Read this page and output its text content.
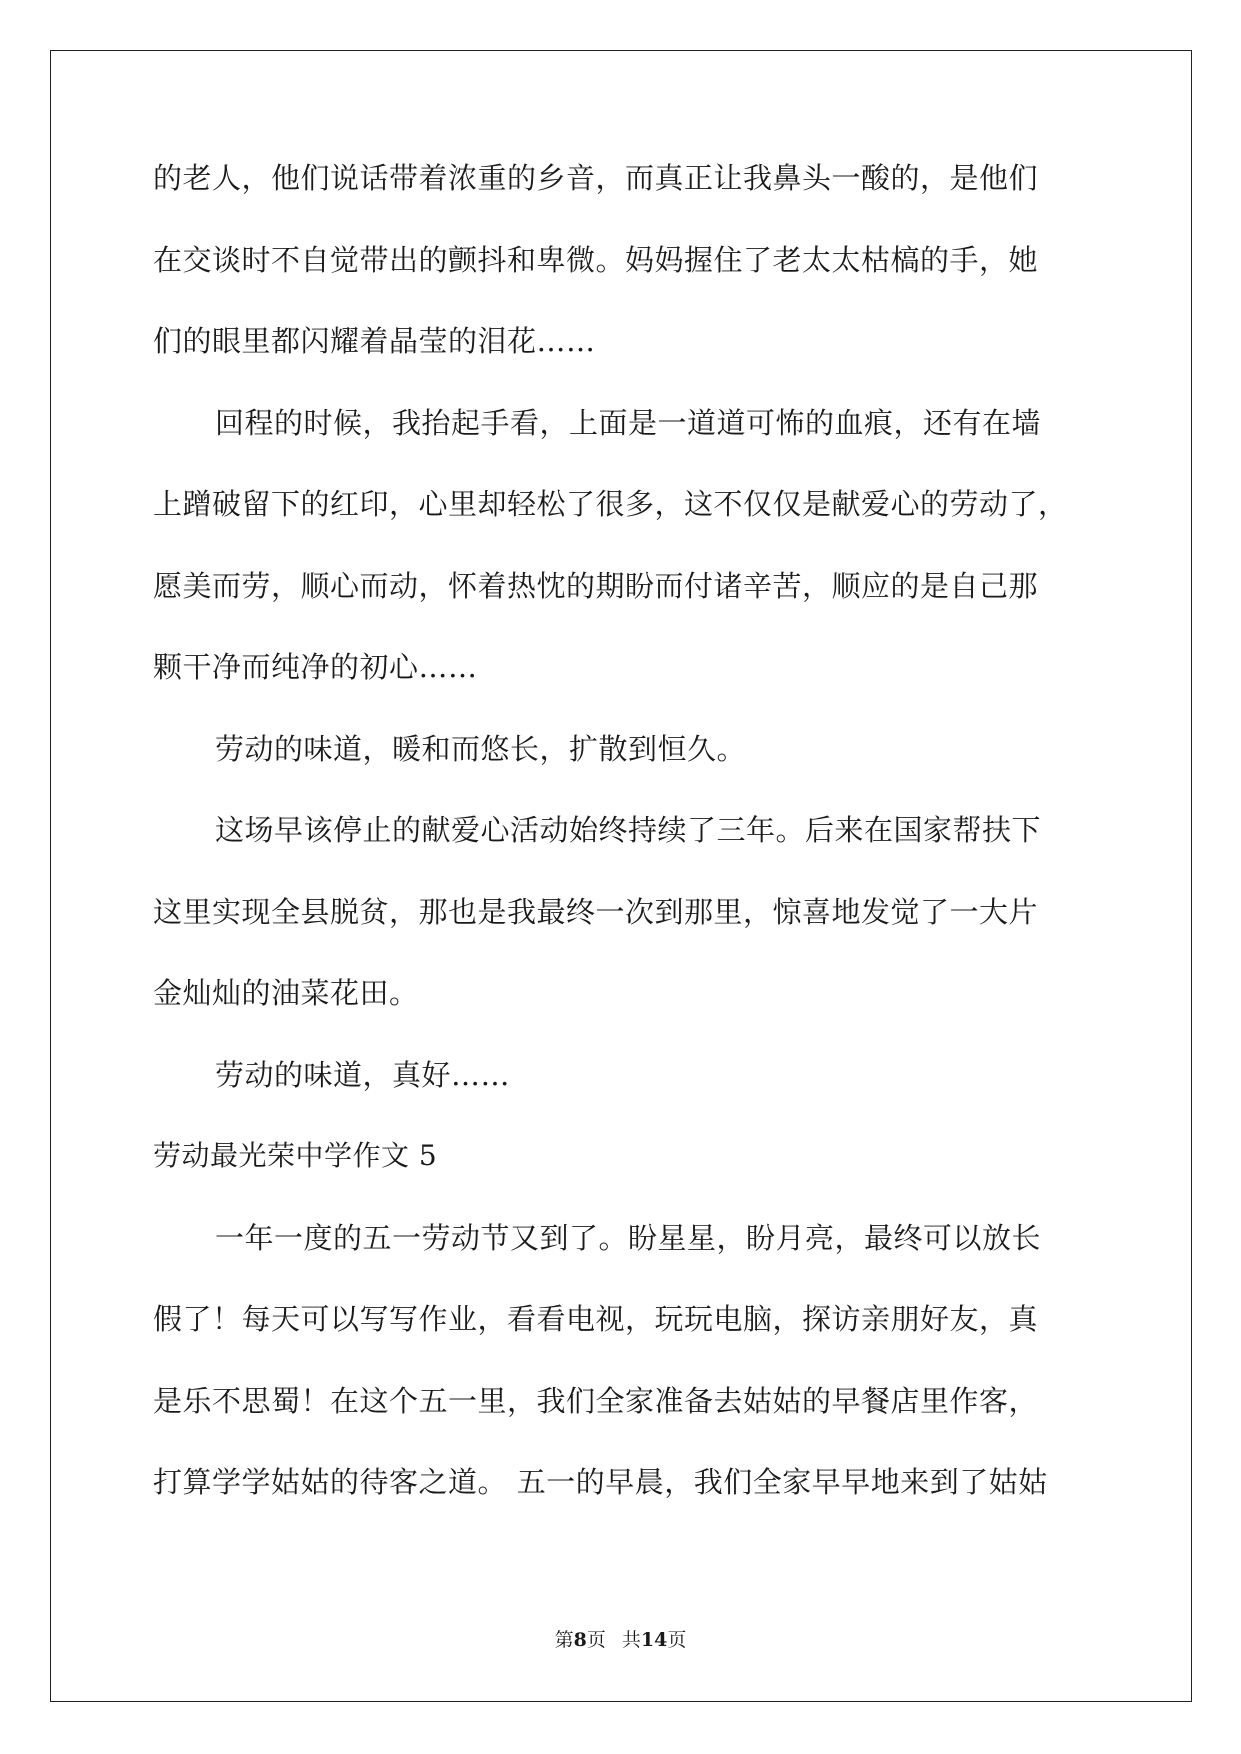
的老人，他们说话带着浓重的乡音，而真正让我鼻头一酸的，是他们
在交谈时不自觉带出的颤抖和卑微。妈妈握住了老太太枯槁的手，她
们的眼里都闪耀着晶莹的泪花……
回程的时候，我抬起手看，上面是一道道可怖的血痕，还有在墙
上蹭破留下的红印，心里却轻松了很多，这不仅仅是献爱心的劳动了，
愿美而劳，顺心而动，怀着热忱的期盼而付诸辛苦，顺应的是自己那
颗干净而纯净的初心……
劳动的味道，暖和而悠长，扩散到恒久。
这场早该停止的献爱心活动始终持续了三年。后来在国家帮扶下
这里实现全县脱贫，那也是我最终一次到那里，惊喜地发觉了一大片
金灿灿的油菜花田。
劳动的味道，真好……
劳动最光荣中学作文 5
一年一度的五一劳动节又到了。盼星星，盼月亮，最终可以放长
假了！每天可以写写作业，看看电视，玩玩电脑，探访亲朋好友，真
是乐不思蜀！在这个五一里，我们全家准备去姑姑的早餐店里作客，
打算学学姑姑的待客之道。 五一的早晨，我们全家早早地来到了姑姑
第8页 共14页
